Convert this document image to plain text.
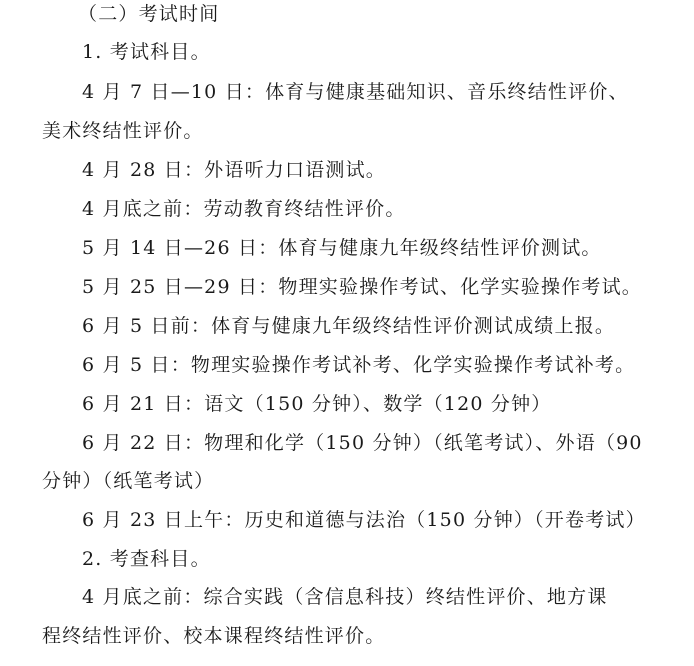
（二）考试时间
1. 考试科目。
4 月 7 日—10 日：体育与健康基础知识、音乐终结性评价、
美术终结性评价。
4 月 28 日：外语听力口语测试。
4 月底之前：劳动教育终结性评价。
5 月 14 日—26 日：体育与健康九年级终结性评价测试。
5 月 25 日—29 日：物理实验操作考试、化学实验操作考试。
6 月 5 日前：体育与健康九年级终结性评价测试成绩上报。
6 月 5 日：物理实验操作考试补考、化学实验操作考试补考。
6 月 21 日：语文（150 分钟）、数学（120 分钟）
6 月 22 日：物理和化学（150 分钟）（纸笔考试）、外语（90
分钟）（纸笔考试）
6 月 23 日上午：历史和道德与法治（150 分钟）（开卷考试）
2. 考查科目。
4 月底之前：综合实践（含信息科技）终结性评价、地方课
程终结性评价、校本课程终结性评价。
